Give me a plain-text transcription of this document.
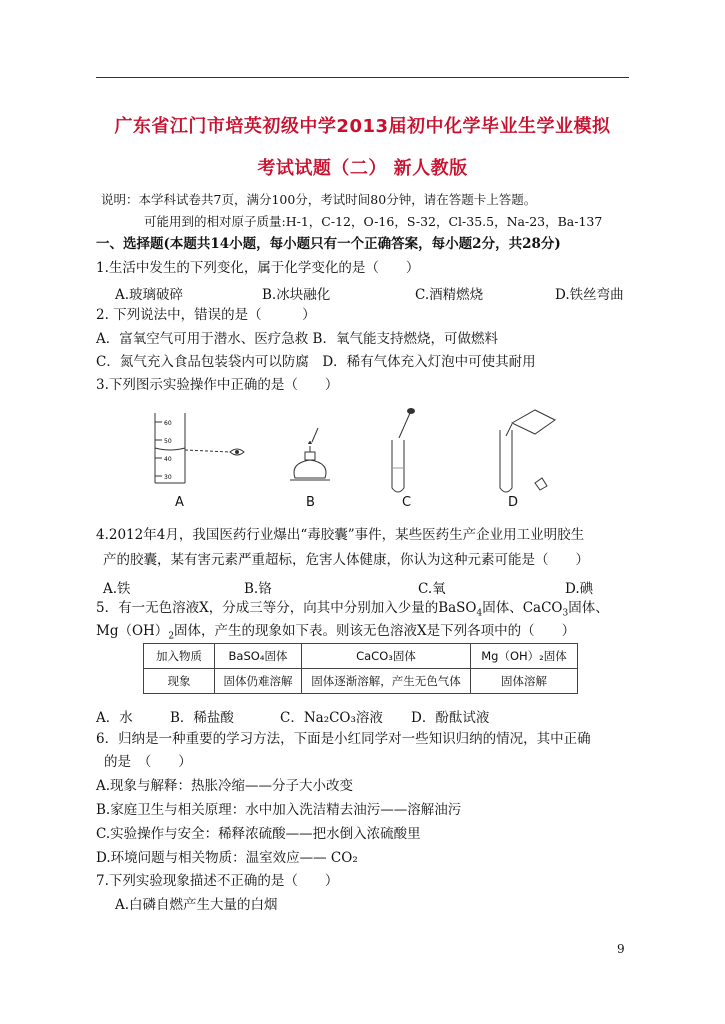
广东省江门市培英初级中学2013届初中化学毕业生学业模拟
考试试题（二） 新人教版
说明：本学科试卷共7页，满分100分，考试时间80分钟，请在答题卡上答题。
可能用到的相对原子质量:H-1，C-12，O-16，S-32，Cl-35.5，Na-23，Ba-137
一、选择题(本题共14小题，每小题只有一个正确答案，每小题2分，共28分)
1.生活中发生的下列变化，属于化学变化的是（　　）
A.玻璃破碎	B.冰块融化	C.酒精燃烧	D.铁丝弯曲
2. 下列说法中，错误的是（　　　）
A．富氧空气可用于潜水、医疗急救 B．氧气能支持燃烧，可做燃料
C．氮气充入食品包装袋内可以防腐　D．稀有气体充入灯泡中可使其耐用
3.下列图示实验操作中正确的是（　　）
60
50
40
30
A	B	C	D
4.2012年4月，我国医药行业爆出“毒胶囊”事件，某些医药生产企业用工业明胶生
产的胶囊，某有害元素严重超标，危害人体健康，你认为这种元素可能是（　　）
A.铁	B.铬	C.氧	D.碘
5．有一无色溶液X，分成三等分，向其中分别加入少量的BaSO$_4$固体、CaCO$_3$固体、
$Mg(OH)_2$固体，产生的现象如下表。则该无色溶液X是下列各项中的（　　）
加入物质	BaSO₄固体	CaCO₃固体	Mg（OH）₂固体
现象	固体仍难溶解	固体逐渐溶解，产生无色气体	固体溶解
A．水	B．稀盐酸	C．Na₂CO₃溶液 D．酚酞试液
6．归纳是一种重要的学习方法，下面是小红同学对一些知识归纳的情况，其中正确
的是　（　　）
A.现象与解释：热胀冷缩——分子大小改变
B.家庭卫生与相关原理：水中加入洗洁精去油污——溶解油污
C.实验操作与安全：稀释浓硫酸——把水倒入浓硫酸里
D.环境问题与相关物质：温室效应—— CO₂
7.下列实验现象描述不正确的是（　　）
A.白磷自燃产生大量的白烟
9
